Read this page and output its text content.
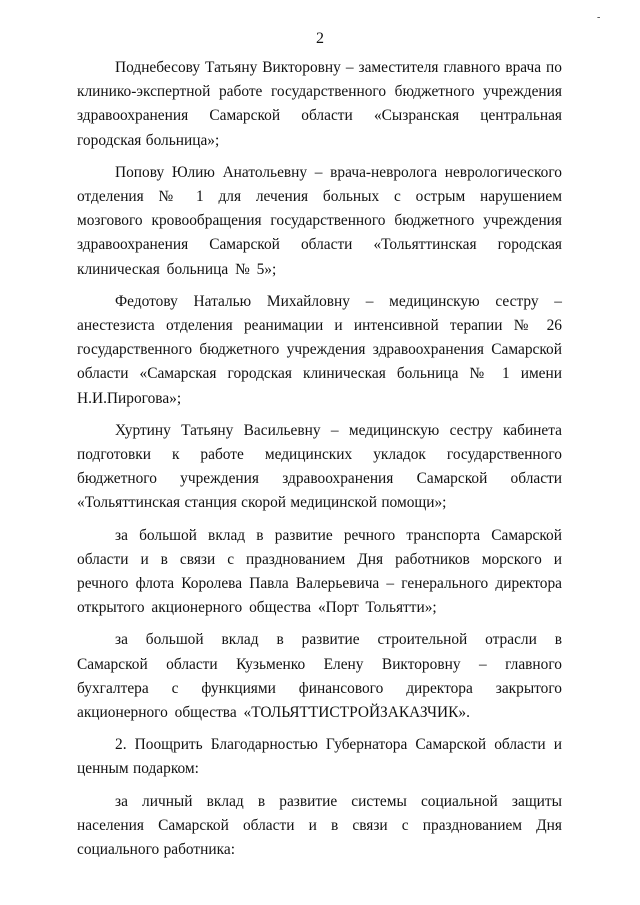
-
2

Поднебесову Татьяну Викторовну – заместителя главного врача по клинико-экспертной работе государственного бюджетного учреждения здравоохранения Самарской области «Сызранская центральная городская больница»;

Попову Юлию Анатольевну – врача-невролога неврологического отделения № 1 для лечения больных с острым нарушением мозгового кровообращения государственного бюджетного учреждения здравоохранения Самарской области «Тольяттинская городская клиническая больница № 5»;

Федотову Наталью Михайловну – медицинскую сестру – анестезиста отделения реанимации и интенсивной терапии № 26 государственного бюджетного учреждения здравоохранения Самарской области «Самарская городская клиническая больница № 1 имени Н.И.Пирогова»;

Хуртину Татьяну Васильевну – медицинскую сестру кабинета подготовки к работе медицинских укладок государственного бюджетного учреждения здравоохранения Самарской области «Тольяттинская станция скорой медицинской помощи»;

за большой вклад в развитие речного транспорта Самарской области и в связи с празднованием Дня работников морского и речного флота Королева Павла Валерьевича – генерального директора открытого акционерного общества «Порт Тольятти»;

за большой вклад в развитие строительной отрасли в Самарской области Кузьменко Елену Викторовну – главного бухгалтера с функциями финансового директора закрытого акционерного общества «ТОЛЬЯТТИСТРОЙЗАКАЗЧИК».

2. Поощрить Благодарностью Губернатора Самарской области и ценным подарком:

за личный вклад в развитие системы социальной защиты населения Самарской области и в связи с празднованием Дня социального работника:
